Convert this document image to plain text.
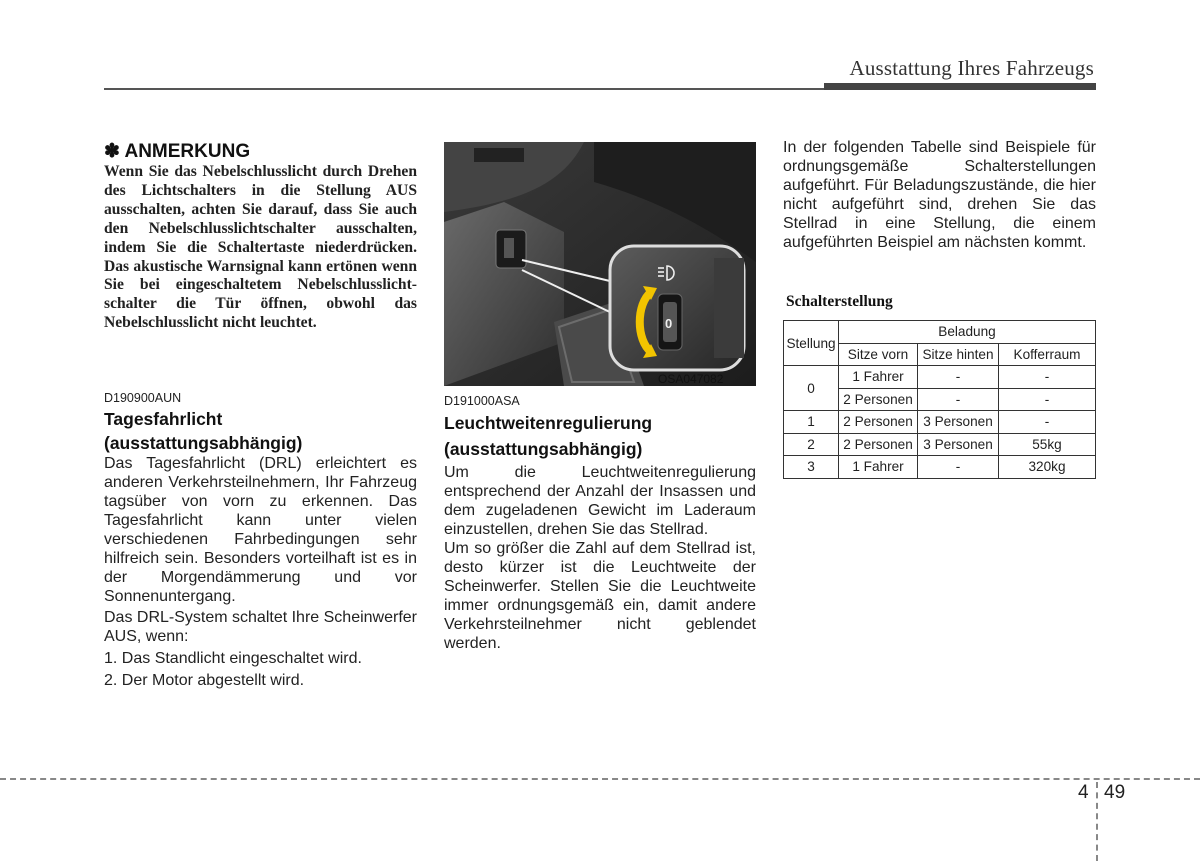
Ausstattung Ihres Fahrzeugs
✽ ANMERKUNG
Wenn Sie das Nebelschlusslicht durch Drehen des Lichtschalters in die Stellung AUS ausschalten, achten Sie darauf, dass Sie auch den Nebelschlusslichtschalter ausschalten, indem Sie die Schaltertaste niederdrücken. Das akustische Warnsignal kann ertönen wenn Sie bei eingeschaltetem Nebelschlusslicht-schalter die Tür öffnen, obwohl das Nebelschlusslicht nicht leuchtet.
D190900AUN
Tagesfahrlicht
(ausstattungsabhängig)

Das Tagesfahrlicht (DRL) erleichtert es anderen Verkehrsteilnehmern, Ihr Fahrzeug tagsüber von vorn zu erkennen. Das Tagesfahrlicht kann unter vielen verschiedenen Fahrbedingungen sehr hilfreich sein. Besonders vorteilhaft ist es in der Morgendämmerung und vor Sonnenuntergang.

Das DRL-System schaltet Ihre Scheinwerfer AUS, wenn:

1. Das Standlicht eingeschaltet wird.

2. Der Motor abgestellt wird.

0
OSA047082
D191000ASA
Leuchtweitenregulierung
(ausstattungsabhängig)

Um die Leuchtweitenregulierung entsprechend der Anzahl der Insassen und dem zugeladenen Gewicht im Laderaum einzustellen, drehen Sie das Stellrad.

Um so größer die Zahl auf dem Stellrad ist, desto kürzer ist die Leuchtweite der Scheinwerfer. Stellen Sie die Leuchtweite immer ordnungsgemäß ein, damit andere Verkehrsteilnehmer nicht geblendet werden.

In der folgenden Tabelle sind Beispiele für ordnungsgemäße Schalterstellungen aufgeführt. Für Beladungszustände, die hier nicht aufgeführt sind, drehen Sie das Stellrad in eine Stellung, die einem aufgeführten Beispiel am nächsten kommt.
Schalterstellung
Stellung	Beladung		
	Sitze vorn	Sitze hinten	Kofferraum
0	1 Fahrer	-	-
	2 Personen	-	-
1	2 Personen	3 Personen	-
2	2 Personen	3 Personen	55kg
3	1 Fahrer	-	320kg
4 49
